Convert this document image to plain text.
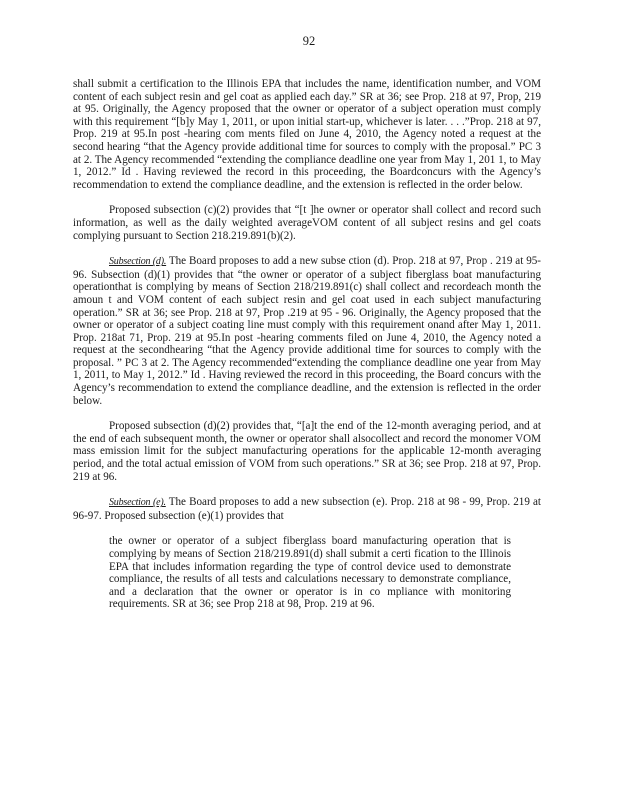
92

shall submit a certification to the Illinois EPA that includes the name, identification number, and VOM content of each subject resin and gel coat as applied each day.” SR at 36; see Prop. 218 at 97, Prop, 219 at 95. Originally, the Agency proposed that the owner or operator of a subject operation must comply with this requirement “[b]y May 1, 2011, or upon initial start-up, whichever is later. . . .”Prop. 218 at 97, Prop. 219 at 95.In post -hearing com ments filed on June 4, 2010, the Agency noted a request at the second hearing “that the Agency provide additional time for sources to comply with the proposal.” PC 3 at 2. The Agency recommended “extending the compliance deadline one year from May 1, 201 1, to May 1, 2012.” Id . Having reviewed the record in this proceeding, the Boardconcurs with the Agency’s recommendation to extend the compliance deadline, and the extension is reflected in the order below.

Proposed subsection (c)(2) provides that “[t ]he owner or operator shall collect and record such information, as well as the daily weighted averageVOM content of all subject resins and gel coats complying pursuant to Section 218.219.891(b)(2).

Subsection (d). The Board proposes to add a new subse ction (d). Prop. 218 at 97, Prop . 219 at 95-96. Subsection (d)(1) provides that “the owner or operator of a subject fiberglass boat manufacturing operationthat is complying by means of Section 218/219.891(c) shall collect and recordeach month the amoun t and VOM content of each subject resin and gel coat used in each subject manufacturing operation.” SR at 36; see Prop. 218 at 97, Prop .219 at 95 - 96. Originally, the Agency proposed that the owner or operator of a subject coating line must comply with this requirement onand after May 1, 2011. Prop. 218at 71, Prop. 219 at 95.In post -hearing comments filed on June 4, 2010, the Agency noted a request at the secondhearing “that the Agency provide additional time for sources to comply with the proposal. ” PC 3 at 2. The Agency recommended“extending the compliance deadline one year from May 1, 2011, to May 1, 2012.” Id . Having reviewed the record in this proceeding, the Board concurs with the Agency’s recommendation to extend the compliance deadline, and the extension is reflected in the order below.

Proposed subsection (d)(2) provides that, “[a]t the end of the 12-month averaging period, and at the end of each subsequent month, the owner or operator shall alsocollect and record the monomer VOM mass emission limit for the subject manufacturing operations for the applicable 12-month averaging period, and the total actual emission of VOM from such operations.” SR at 36; see Prop. 218 at 97, Prop. 219 at 96.

Subsection (e). The Board proposes to add a new subsection (e). Prop. 218 at 98 - 99, Prop. 219 at 96-97. Proposed subsection (e)(1) provides that

the owner or operator of a subject fiberglass board manufacturing operation that is complying by means of Section 218/219.891(d) shall submit a certi fication to the Illinois EPA that includes information regarding the type of control device used to demonstrate compliance, the results of all tests and calculations necessary to demonstrate compliance, and a declaration that the owner or operator is in co mpliance with monitoring requirements. SR at 36; see Prop 218 at 98, Prop. 219 at 96.
